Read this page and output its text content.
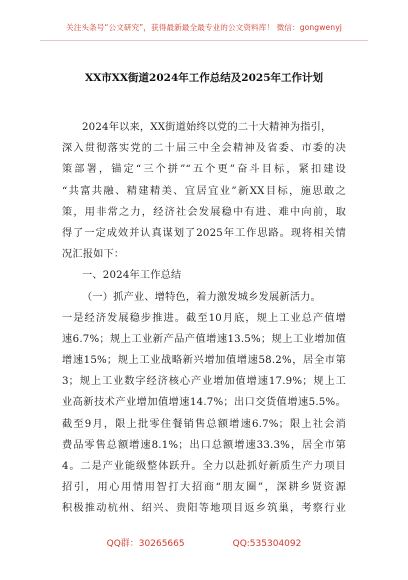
关注头条号“公文研究”，获得最新最全最专业的公文资料库！ 微信：gongwenyj
XX市XX街道2024年工作总结及2025年工作计划
2024年以来，XX街道始终以党的二十大精神为指引，
深入贯彻落实党的二十届三中全会精神及省委、市委的决
策部署，锚定“三个拼”“五个更”奋斗目标，紧扣建设
“共富共融、精建精美、宜居宜业”新XX目标，施思敢之
策，用非常之力，经济社会发展稳中有进、难中向前，取
得了一定成效并认真谋划了2025年工作思路。现将相关情
况汇报如下：
一、2024年工作总结
（一）抓产业、增特色，着力激发城乡发展新活力。
一是经济发展稳步推进。截至10月底，规上工业总产值增
速6.7%；规上工业新产品产值增速13.5%；规上工业增加值
增速15%；规上工业战略新兴增加值增速58.2%，居全市第
3；规上工业数字经济核心产业增加值增速17.9%；规上工
业高新技术产业增加值增速14.7%；出口交货值增速5.5%。
截至9月，限上批零住餐销售总额增速6.7%；限上社会消
费品零售总额增速8.1%；出口总额增速33.3%，居全市第
4。二是产业能级整体跃升。全力以赴抓好新质生产力项目
招引，用心用情用智打大招商“朋友圈”，深耕乡贤资源
积极推动杭州、绍兴、贵阳等地项目返乡筑巢，考察行业
QQ群：30265665	QQ:535304092
